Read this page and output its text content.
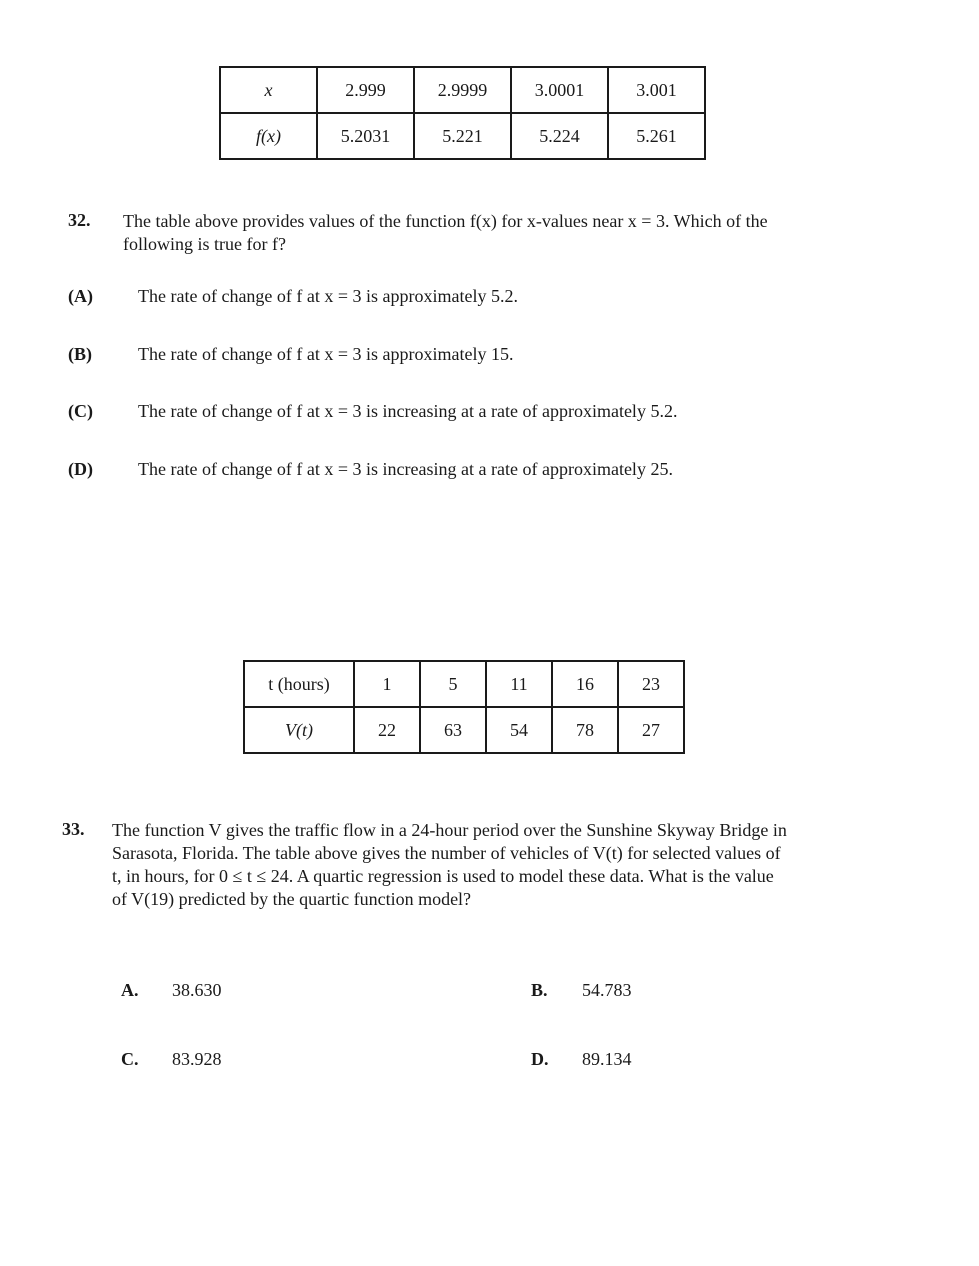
x	2.999	2.9999	3.0001	3.001
f(x)	5.2031	5.221	5.224	5.261
32. The table above provides values of the function f(x) for x-values near x = 3. Which of the
following is true for f?
(A)	The rate of change of f at x = 3 is approximately 5.2.
(B)	The rate of change of f at x = 3 is approximately 15.
(C)	The rate of change of f at x = 3 is increasing at a rate of approximately 5.2.
(D)	The rate of change of f at x = 3 is increasing at a rate of approximately 25.
t (hours)	1	5	11	16	23
V(t)	22	63	54	78	27
33. The function V gives the traffic flow in a 24-hour period over the Sunshine Skyway Bridge in
Sarasota, Florida. The table above gives the number of vehicles of V(t) for selected values of
t, in hours, for 0 ≤ t ≤ 24. A quartic regression is used to model these data. What is the value
of V(19) predicted by the quartic function model?
A. 38.630	B. 54.783
C. 83.928	D. 89.134
